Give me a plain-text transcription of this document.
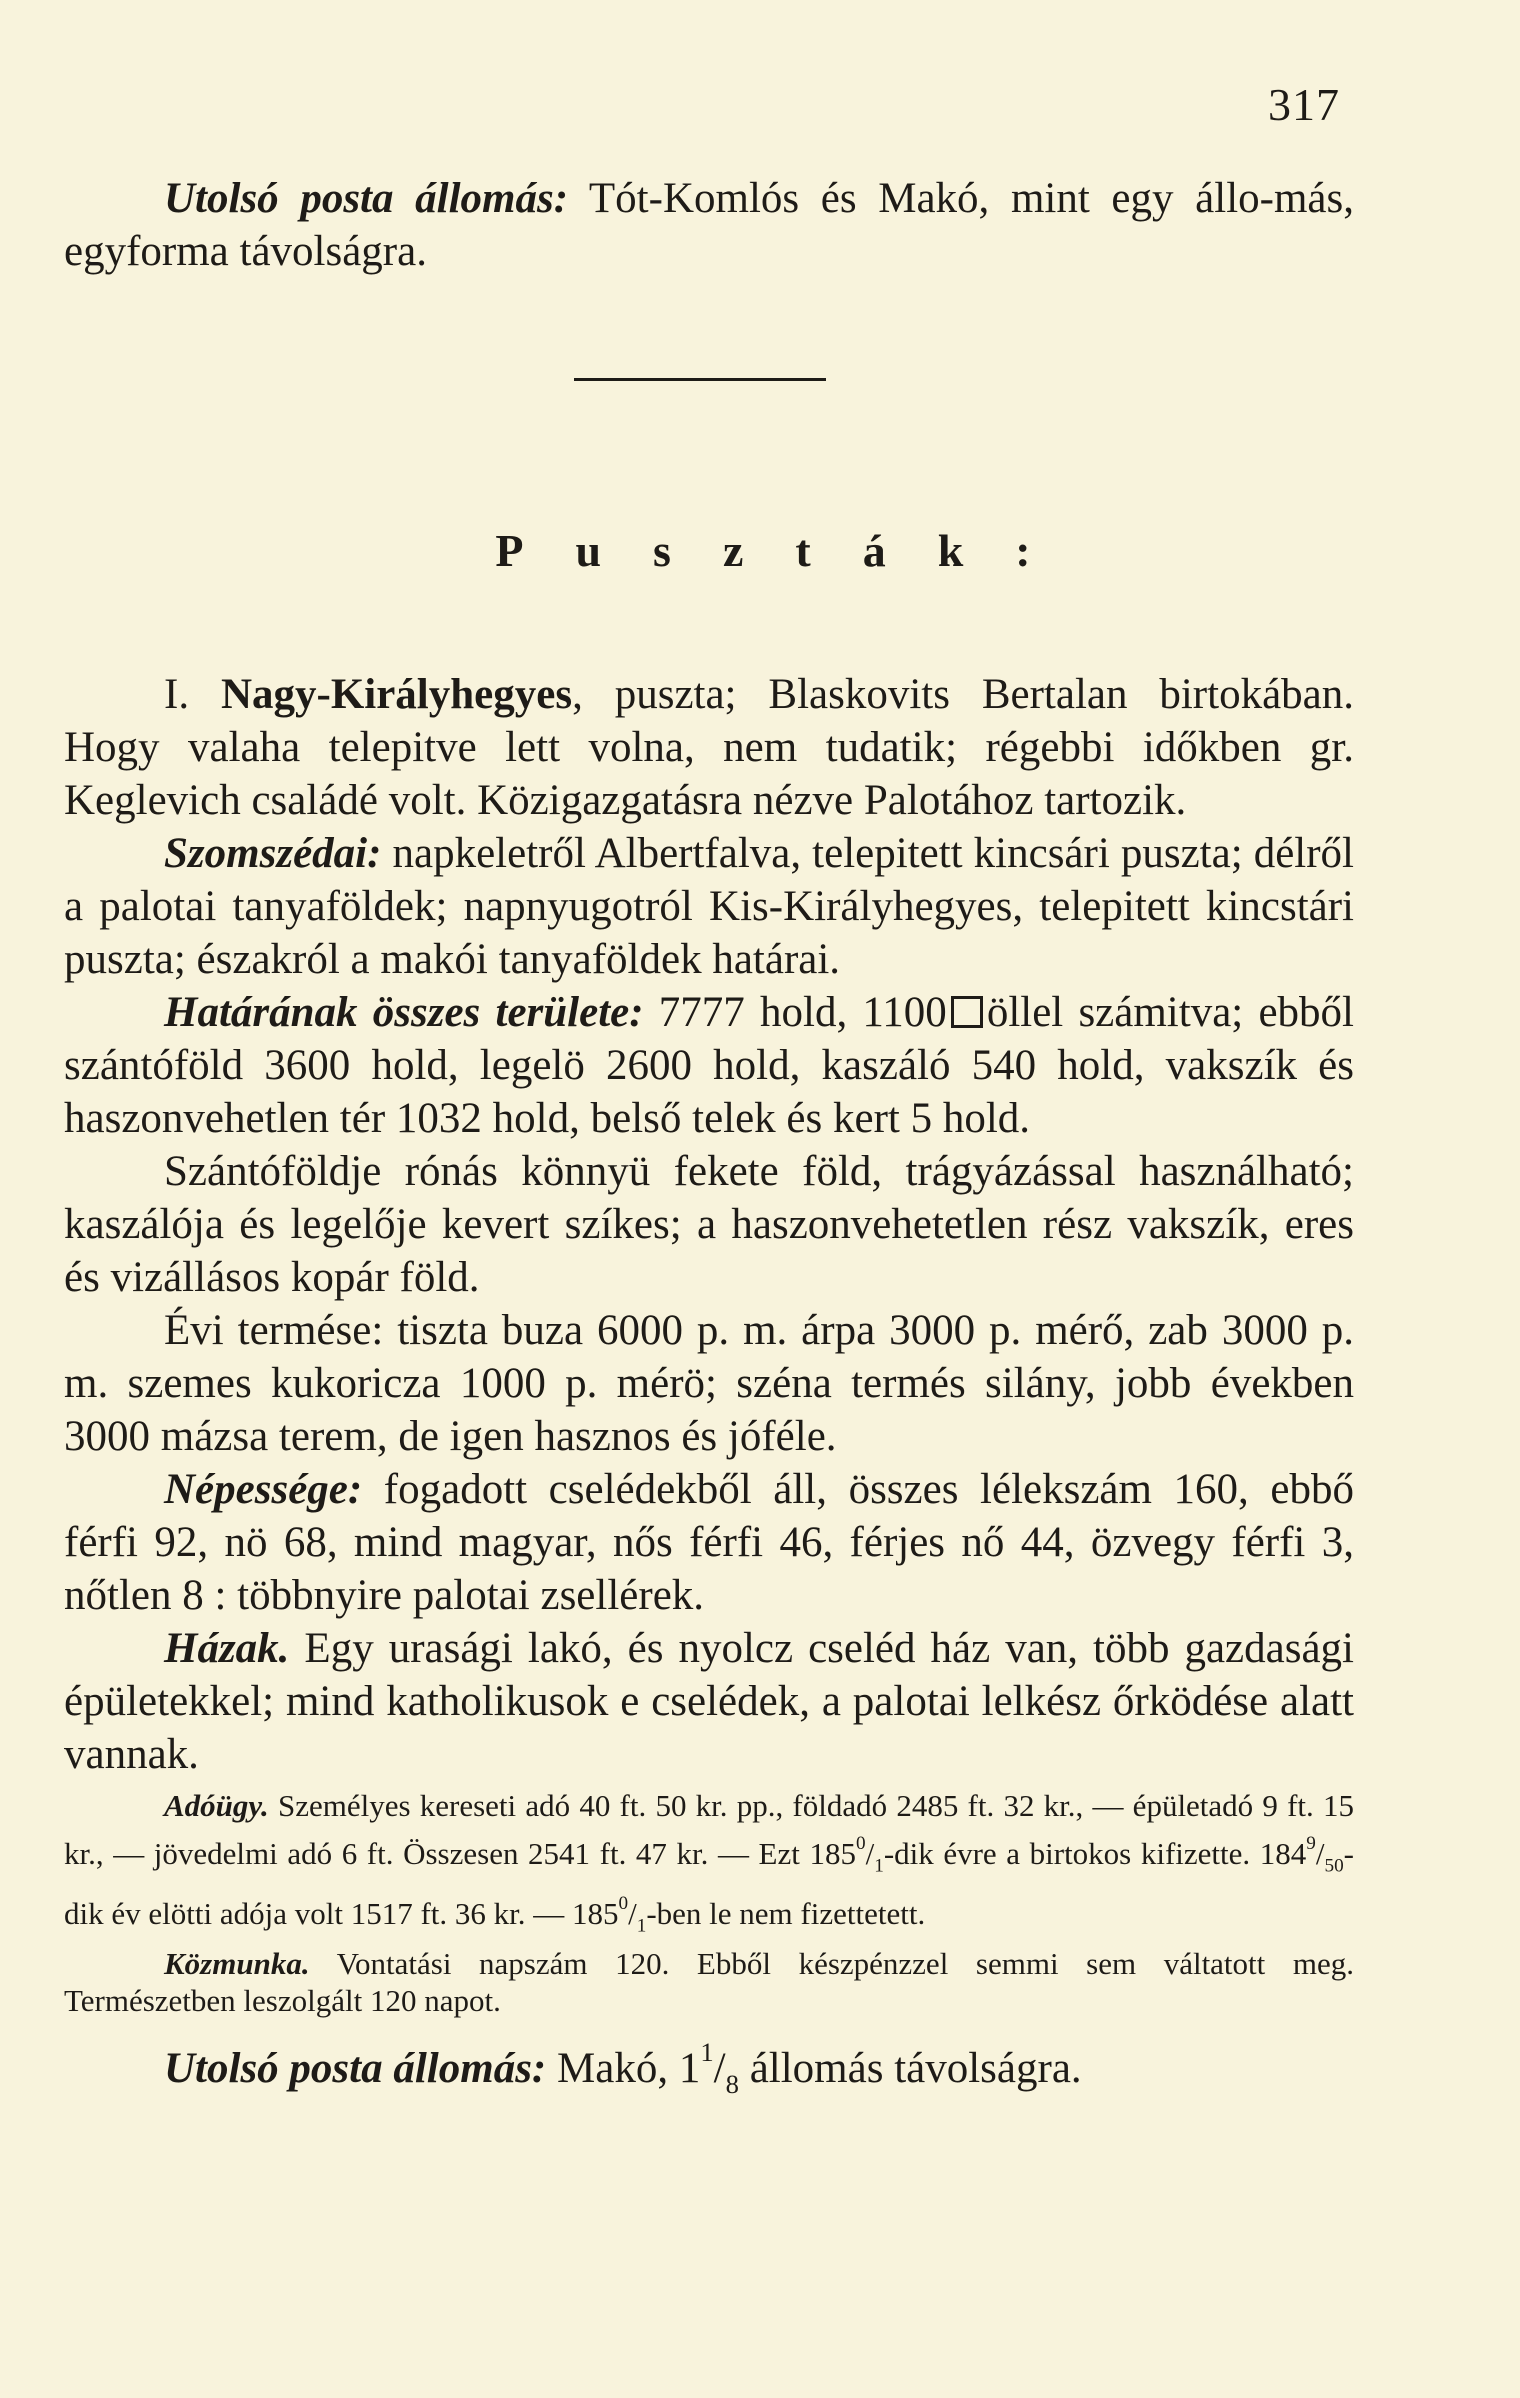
317

Utolsó posta állomás: Tót-Komlós és Makó, mint egy állo-más, egyforma távolságra.

Puszták:

I. Nagy-Királyhegyes, puszta; Blaskovits Bertalan birtokában. Hogy valaha telepitve lett volna, nem tudatik; régebbi időkben gr. Keglevich családé volt. Közigazgatásra nézve Palotához tartozik.

Szomszédai: napkeletről Albertfalva, telepitett kincsári puszta; délről a palotai tanyaföldek; napnyugotról Kis-Királyhegyes, telepitett kincstári puszta; északról a makói tanyaföldek határai.

Határának összes területe: 7777 hold, 1100 öllel számitva; ebből szántóföld 3600 hold, legelö 2600 hold, kaszáló 540 hold, vakszík és haszonvehetlen tér 1032 hold, belső telek és kert 5 hold.

Szántóföldje rónás könnyü fekete föld, trágyázással használható; kaszálója és legelője kevert szíkes; a haszonvehetetlen rész vakszík, eres és vizállásos kopár föld.

Évi termése: tiszta buza 6000 p. m. árpa 3000 p. mérő, zab 3000 p. m. szemes kukoricza 1000 p. mérö; széna termés silány, jobb években 3000 mázsa terem, de igen hasznos és jóféle.

Népessége: fogadott cselédekből áll, összes lélekszám 160, ebbő férfi 92, nö 68, mind magyar, nős férfi 46, férjes nő 44, özvegy férfi 3, nőtlen 8 : többnyire palotai zsellérek.

Házak. Egy urasági lakó, és nyolcz cseléd ház van, több gazdasági épületekkel; mind katholikusok e cselédek, a palotai lelkész őrködése alatt vannak.

Adóügy. Személyes kereseti adó 40 ft. 50 kr. pp., földadó 2485 ft. 32 kr., — épületadó 9 ft. 15 kr., — jövedelmi adó 6 ft. Összesen 2541 ft. 47 kr. — Ezt $185^0/_1$-dik évre a birtokos kifizette. $184^9/_{50}$-dik év elötti adója volt 1517 ft. 36 kr. — $185^0/_1$-ben le nem fizettetett.

Közmunka. Vontatási napszám 120. Ebből készpénzzel semmi sem váltatott meg. Természetben leszolgált 120 napot.

Utolsó posta állomás: Makó, $1^1/_8$ állomás távolságra.
